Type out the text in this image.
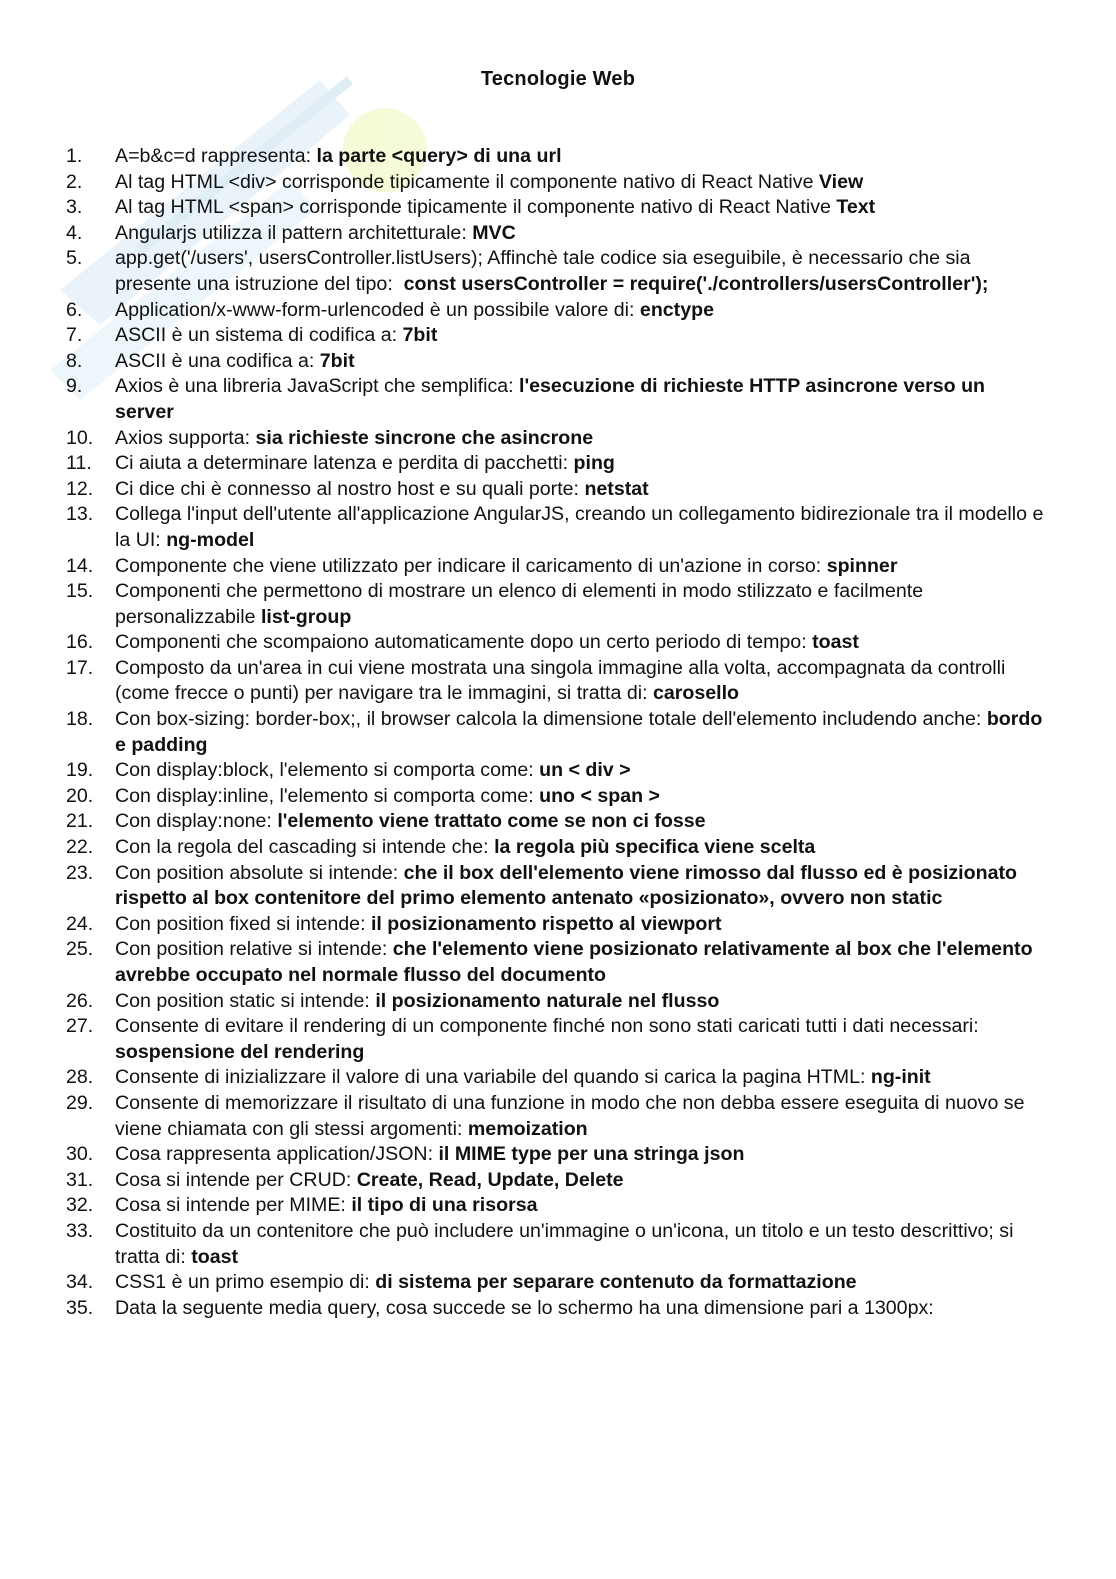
Tecnologie Web
1.	A=b&c=d rappresenta: la parte <query> di una url
2.	Al tag HTML <div> corrisponde tipicamente il componente nativo di React Native View
3.	Al tag HTML <span> corrisponde tipicamente il componente nativo di React Native Text
4.	Angularjs utilizza il pattern architetturale: MVC
5.	app.get('/users', usersController.listUsers); Affinchè tale codice sia eseguibile, è necessario che sia presente una istruzione del tipo:  const usersController = require('./controllers/usersController');
6.	Application/x-www-form-urlencoded è un possibile valore di: enctype
7.	ASCII è un sistema di codifica a: 7bit
8.	ASCII è una codifica a: 7bit
9.	Axios è una libreria JavaScript che semplifica: l'esecuzione di richieste HTTP asincrone verso un server
10.	Axios supporta: sia richieste sincrone che asincrone
11.	Ci aiuta a determinare latenza e perdita di pacchetti: ping
12.	Ci dice chi è connesso al nostro host e su quali porte: netstat
13.	Collega l'input dell'utente all'applicazione AngularJS, creando un collegamento bidirezionale tra il modello e la UI: ng-model
14.	Componente che viene utilizzato per indicare il caricamento di un'azione in corso: spinner
15.	Componenti che permettono di mostrare un elenco di elementi in modo stilizzato e facilmente personalizzabile list-group
16.	Componenti che scompaiono automaticamente dopo un certo periodo di tempo: toast
17.	Composto da un'area in cui viene mostrata una singola immagine alla volta, accompagnata da controlli (come frecce o punti) per navigare tra le immagini, si tratta di: carosello
18.	Con box-sizing: border-box;, il browser calcola la dimensione totale dell'elemento includendo anche: bordo e padding
19.	Con display:block, l'elemento si comporta come: un < div >
20.	Con display:inline, l'elemento si comporta come: uno < span >
21.	Con display:none: l'elemento viene trattato come se non ci fosse
22.	Con la regola del cascading si intende che: la regola più specifica viene scelta
23.	Con position absolute si intende: che il box dell'elemento viene rimosso dal flusso ed è posizionato rispetto al box contenitore del primo elemento antenato «posizionato», ovvero non static
24.	Con position fixed si intende: il posizionamento rispetto al viewport
25.	Con position relative si intende: che l'elemento viene posizionato relativamente al box che l'elemento avrebbe occupato nel normale flusso del documento
26.	Con position static si intende: il posizionamento naturale nel flusso
27.	Consente di evitare il rendering di un componente finché non sono stati caricati tutti i dati necessari: sospensione del rendering
28.	Consente di inizializzare il valore di una variabile del quando si carica la pagina HTML: ng-init
29.	Consente di memorizzare il risultato di una funzione in modo che non debba essere eseguita di nuovo se viene chiamata con gli stessi argomenti: memoization
30.	Cosa rappresenta application/JSON: il MIME type per una stringa json
31.	Cosa si intende per CRUD: Create, Read, Update, Delete
32.	Cosa si intende per MIME: il tipo di una risorsa
33.	Costituito da un contenitore che può includere un'immagine o un'icona, un titolo e un testo descrittivo; si tratta di: toast
34.	CSS1 è un primo esempio di: di sistema per separare contenuto da formattazione
35.	Data la seguente media query, cosa succede se lo schermo ha una dimensione pari a 1300px:
